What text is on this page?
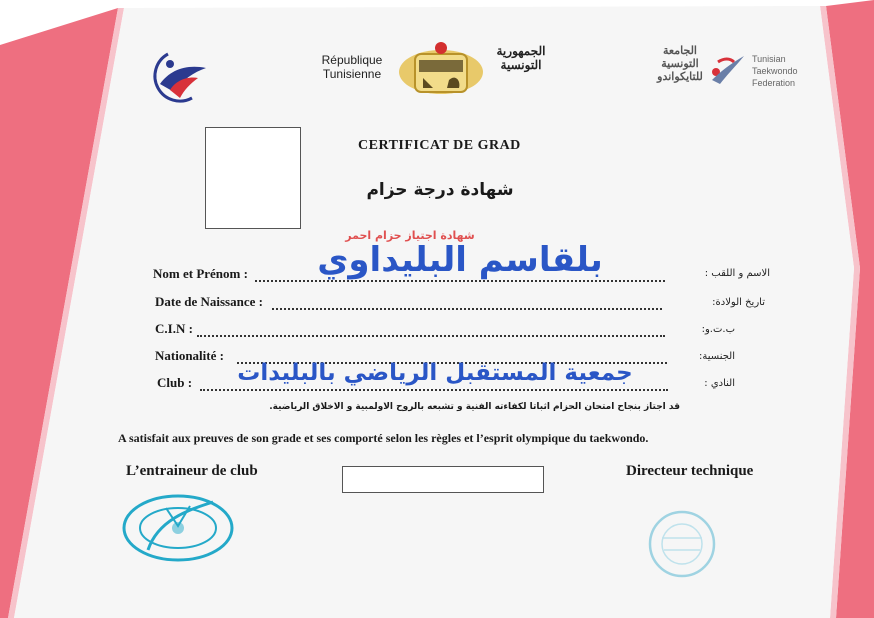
République
Tunisienne
الجمهورية
التونسية
الجامعة
التونسية
للتايكواندو
Tunisian
Taekwondo
Federation
CERTIFICAT DE GRAD
شهادة درجة حزام
شهادة اجتياز حزام احمر
Nom et Prénom :	الاسم و اللقب :
بلقاسم البليداوي
Date de Naissance :	تاريخ الولادة:
C.I.N :	ب.ت.و:
Nationalité :	الجنسية:
Club :	النادي :
جمعية المستقبل الرياضي بالبليدات
قد اجتاز بنجاح امتحان الحزام اثباتا لكفاءته الفنية و تشبعه بالروح الاولمبية و الاخلاق الرياضية.
A satisfait aux preuves de son grade et ses comporté selon les règles et l’esprit olympique du taekwondo.
L’entraineur de club	Directeur technique
